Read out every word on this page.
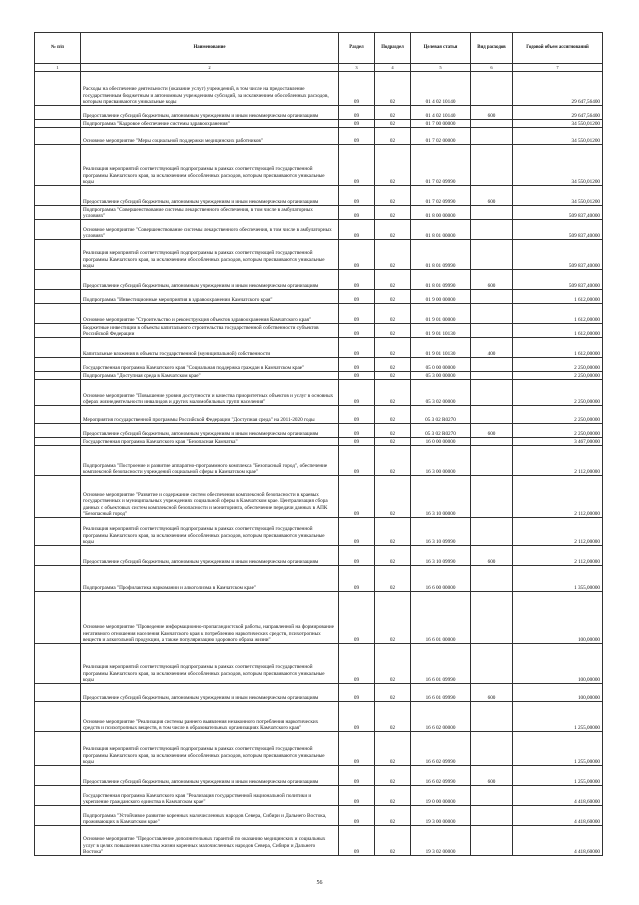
№ п/п	Наименование	Раздел	Подраздел	Целевая статья	Вид расходов	Годовой объем ассигнований
1	2	3	4	5	6	7
	Расходы на обеспечение деятельности (оказание услуг) учреждений, в том числе на предоставление государственным бюджетным и автономным учреждениям субсидий, за исключением обособленных расходов, которым присваиваются уникальные коды	09	02	01 4 02 10140		29 647,56400
	Предоставление субсидий бюджетным, автономным учреждениям и иным некоммерческим организациям	09	02	01 4 02 10140	600	29 647,56400
	Подпрограмма "Кадровое обеспечение системы здравоохранения"	09	02	01 7 00 00000		34 550,01200
	Основное мероприятие "Меры социальной поддержки медицинских работников"	09	02	01 7 02 00000		34 550,01200
	Реализация мероприятий соответствующей подпрограммы в рамках соответствующей государственной программы Камчатского края, за исключением обособленных расходов, которым присваиваются уникальные коды	09	02	01 7 02 09990		34 550,01200
	Предоставление субсидий бюджетным, автономным учреждениям и иным некоммерческим организациям	09	02	01 7 02 09990	600	34 550,01200
	Подпрограмма "Совершенствование системы лекарственного обеспечения, в том числе в амбулаторных условиях"	09	02	01 8 00 00000		509 837,40000
	Основное мероприятие "Совершенствование системы лекарственного обеспечения, в том числе в амбулаторных условиях"	09	02	01 8 01 00000		509 837,40000
	Реализация мероприятий соответствующей подпрограммы в рамках соответствующей государственной программы Камчатского края, за исключением обособленных расходов, которым присваиваются уникальные коды	09	02	01 8 01 09990		509 837,40000
	Предоставление субсидий бюджетным, автономным учреждениям и иным некоммерческим организациям	09	02	01 8 01 09990	600	509 837,40000
	Подпрограмма "Инвестиционные мероприятия в здравоохранении Камчатского края"	09	02	01 9 00 00000		1 612,00000
	Основное мероприятие "Строительство и реконструкция объектов здравоохранения Камчатского края"	09	02	01 9 01 00000		1 612,00000
	Бюджетные инвестиции в объекты капитального строительства государственной собственности субъектов Российской Федерации	09	02	01 9 01 10130		1 612,00000
	Капитальные вложения в объекты государственной (муниципальной) собственности	09	02	01 9 01 10130	400	1 612,00000
	Государственная программа Камчатского края "Социальная поддержка граждан в Камчатском крае"	09	02	05 0 00 00000		2 250,00000
	Подпрограмма "Доступная среда в Камчатском крае"	09	02	05 3 00 00000		2 250,00000
	Основное мероприятие "Повышение уровня доступности и качества приоритетных объектов и услуг в основных сферах жизнедеятельности инвалидов и других маломобильных групп населения"	09	02	05 3 02 00000		2 250,00000
	Мероприятия государственной программы Российской Федерации "Доступная среда" на 2011-2020 годы	09	02	05 3 02 R0270		2 250,00000
	Предоставление субсидий бюджетным, автономным учреждениям и иным некоммерческим организациям	09	02	05 3 02 R0270	600	2 250,00000
	Государственная программа Камчатского края "Безопасная Камчатка"	09	02	16 0 00 00000		3 467,00000
	Подпрограмма "Построение и развитие аппаратно-программного комплекса "Безопасный город", обеспечение комплексной безопасности учреждений социальной сферы в Камчатском крае"	09	02	16 3 00 00000		2 112,00000
	Основное мероприятие "Развитие и содержание систем обеспечения комплексной безопасности в краевых государственных и муниципальных учреждениях социальной сферы в Камчатском крае. Централизация сбора данных с объектовых систем комплексной безопасности и мониторинга, обеспечение передачи данных в АПК "Безопасный город"	09	02	16 3 10 00000		2 112,00000
	Реализация мероприятий соответствующей подпрограммы в рамках соответствующей государственной программы Камчатского края, за исключением обособленных расходов, которым присваиваются уникальные коды	09	02	16 3 10 09990		2 112,00000
	Предоставление субсидий бюджетным, автономным учреждениям и иным некоммерческим организациям	09	02	16 3 10 09990	600	2 112,00000
	Подпрограмма "Профилактика наркомании и алкоголизма в Камчатском крае"	09	02	16 6 00 00000		1 355,00000
	Основное мероприятие "Проведение информационно-пропагандистской работы, направленной на формирование негативного отношения населения Камчатского края к потреблению наркотических средств, психотропных веществ и алкогольной продукции, а также популяризацию здорового образа жизни"	09	02	16 6 01 00000		100,00000
	Реализация мероприятий соответствующей подпрограммы в рамках соответствующей государственной программы Камчатского края, за исключением обособленных расходов, которым присваиваются уникальные коды	09	02	16 6 01 09990		100,00000
	Предоставление субсидий бюджетным, автономным учреждениям и иным некоммерческим организациям	09	02	16 6 01 09990	600	100,00000
	Основное мероприятие "Реализация системы раннего выявления незаконного потребления наркотических средств и психотропных веществ, в том числе в образовательных организациях Камчатского края"	09	02	16 6 02 00000		1 255,00000
	Реализация мероприятий соответствующей подпрограммы в рамках соответствующей государственной программы Камчатского края, за исключением обособленных расходов, которым присваиваются уникальные коды	09	02	16 6 02 09990		1 255,00000
	Предоставление субсидий бюджетным, автономным учреждениям и иным некоммерческим организациям	09	02	16 6 02 09990	600	1 255,00000
	Государственная программа Камчатского края "Реализация государственной национальной политики и укрепление гражданского единства в Камчатском крае"	09	02	19 0 00 00000		4 418,60000
	Подпрограмма "Устойчивое развитие коренных малочисленных народов Севера, Сибири и Дальнего Востока, проживающих в Камчатском крае"	09	02	19 3 00 00000		4 418,60000
	Основное мероприятие "Предоставление дополнительных гарантий по оказанию медицинских и социальных услуг в целях повышения качества жизни коренных малочисленных народов Севера, Сибири и Дальнего Востока"	09	02	19 3 02 00000		4 418,60000
56
